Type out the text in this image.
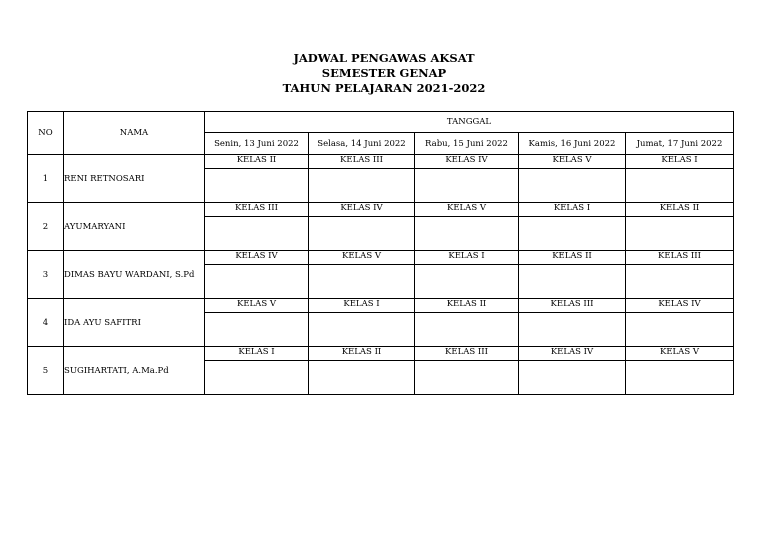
JADWAL PENGAWAS AKSAT
SEMESTER GENAP
TAHUN PELAJARAN 2021-2022
NO	NAMA	TANGGAL				
		Senin, 13 Juni 2022	Selasa, 14 Juni 2022	Rabu, 15 Juni 2022	Kamis, 16 Juni 2022	Jumat, 17 Juni 2022
1	RENI RETNOSARI	KELAS II	KELAS III	KELAS IV	KELAS V	KELAS I

2	AYUMARYANI	KELAS III	KELAS IV	KELAS V	KELAS I	KELAS II

3	DIMAS BAYU WARDANI, S.Pd	KELAS IV	KELAS V	KELAS I	KELAS II	KELAS III

4	IDA AYU SAFITRI	KELAS V	KELAS I	KELAS II	KELAS III	KELAS IV

5	SUGIHARTATI, A.Ma.Pd	KELAS I	KELAS II	KELAS III	KELAS IV	KELAS V
